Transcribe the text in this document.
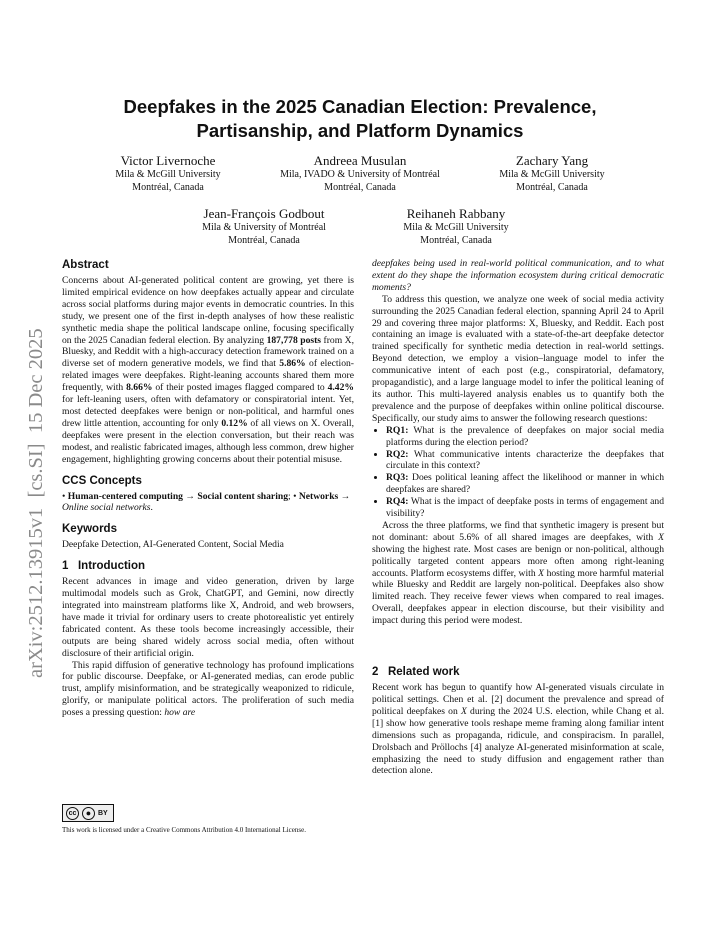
arXiv:2512.13915v1  [cs.SI]  15 Dec 2025
Deepfakes in the 2025 Canadian Election: Prevalence,
Partisanship, and Platform Dynamics
Victor Livernoche
Mila & McGill University
Montréal, Canada
Andreea Musulan
Mila, IVADO & University of Montréal
Montréal, Canada
Zachary Yang
Mila & McGill University
Montréal, Canada
Jean-François Godbout
Mila & University of Montréal
Montréal, Canada
Reihaneh Rabbany
Mila & McGill University
Montréal, Canada
Abstract

Concerns about AI-generated political content are growing, yet there is limited empirical evidence on how deepfakes actually appear and circulate across social platforms during major events in democratic countries. In this study, we present one of the first in-depth analyses of how these realistic synthetic media shape the political landscape online, focusing specifically on the 2025 Canadian federal election. By analyzing 187,778 posts from X, Bluesky, and Reddit with a high-accuracy detection framework trained on a diverse set of modern generative models, we find that 5.86% of election-related images were deepfakes. Right-leaning accounts shared them more frequently, with 8.66% of their posted images flagged compared to 4.42% for left-leaning users, often with defamatory or conspiratorial intent. Yet, most detected deepfakes were benign or non-political, and harmful ones drew little attention, accounting for only 0.12% of all views on X. Overall, deepfakes were present in the election conversation, but their reach was modest, and realistic fabricated images, although less common, drew higher engagement, highlighting growing concerns about their potential misuse.

CCS Concepts

• Human-centered computing → Social content sharing; • Networks → Online social networks.

Keywords

Deepfake Detection, AI-Generated Content, Social Media

1   Introduction

Recent advances in image and video generation, driven by large multimodal models such as Grok, ChatGPT, and Gemini, now directly integrated into mainstream platforms like X, Android, and web browsers, have made it trivial for ordinary users to create photorealistic yet entirely fabricated content. As these tools become increasingly accessible, their outputs are being shared widely across social media, often without disclosure of their artificial origin.

This rapid diffusion of generative technology has profound implications for public discourse. Deepfake, or AI-generated medias, can erode public trust, amplify misinformation, and be strategically weaponized to ridicule, glorify, or manipulate political actors. The proliferation of such media poses a pressing question: how are

cc	● BY
This work is licensed under a Creative Commons Attribution 4.0 International License.

deepfakes being used in real-world political communication, and to what extent do they shape the information ecosystem during critical democratic moments?

To address this question, we analyze one week of social media activity surrounding the 2025 Canadian federal election, spanning April 24 to April 29 and covering three major platforms: X, Bluesky, and Reddit. Each post containing an image is evaluated with a state-of-the-art deepfake detector trained specifically for synthetic media detection in real-world settings. Beyond detection, we employ a vision–language model to infer the communicative intent of each post (e.g., conspiratorial, defamatory, propagandistic), and a large language model to infer the political leaning of its author. This multi-layered analysis enables us to quantify both the prevalence and the purpose of deepfakes within online political discourse. Specifically, our study aims to answer the following research questions:

• RQ1: What is the prevalence of deepfakes on major social media platforms during the election period?
• RQ2: What communicative intents characterize the deepfakes that circulate in this context?
• RQ3: Does political leaning affect the likelihood or manner in which deepfakes are shared?
• RQ4: What is the impact of deepfake posts in terms of engagement and visibility?

Across the three platforms, we find that synthetic imagery is present but not dominant: about 5.6% of all shared images are deepfakes, with X showing the highest rate. Most cases are benign or non-political, although politically targeted content appears more often among right-leaning accounts. Platform ecosystems differ, with X hosting more harmful material while Bluesky and Reddit are largely non-political. Deepfakes also show limited reach. They receive fewer views when compared to real images. Overall, deepfakes appear in election discourse, but their visibility and impact during this period were modest.

2   Related work

Recent work has begun to quantify how AI-generated visuals circulate in political settings. Chen et al. [2] document the prevalence and spread of political deepfakes on X during the 2024 U.S. election, while Chang et al. [1] show how generative tools reshape meme framing along familiar intent dimensions such as propaganda, ridicule, and conspiracism. In parallel, Drolsbach and Pröllochs [4] analyze AI-generated misinformation at scale, emphasizing the need to study diffusion and engagement rather than detection alone.
